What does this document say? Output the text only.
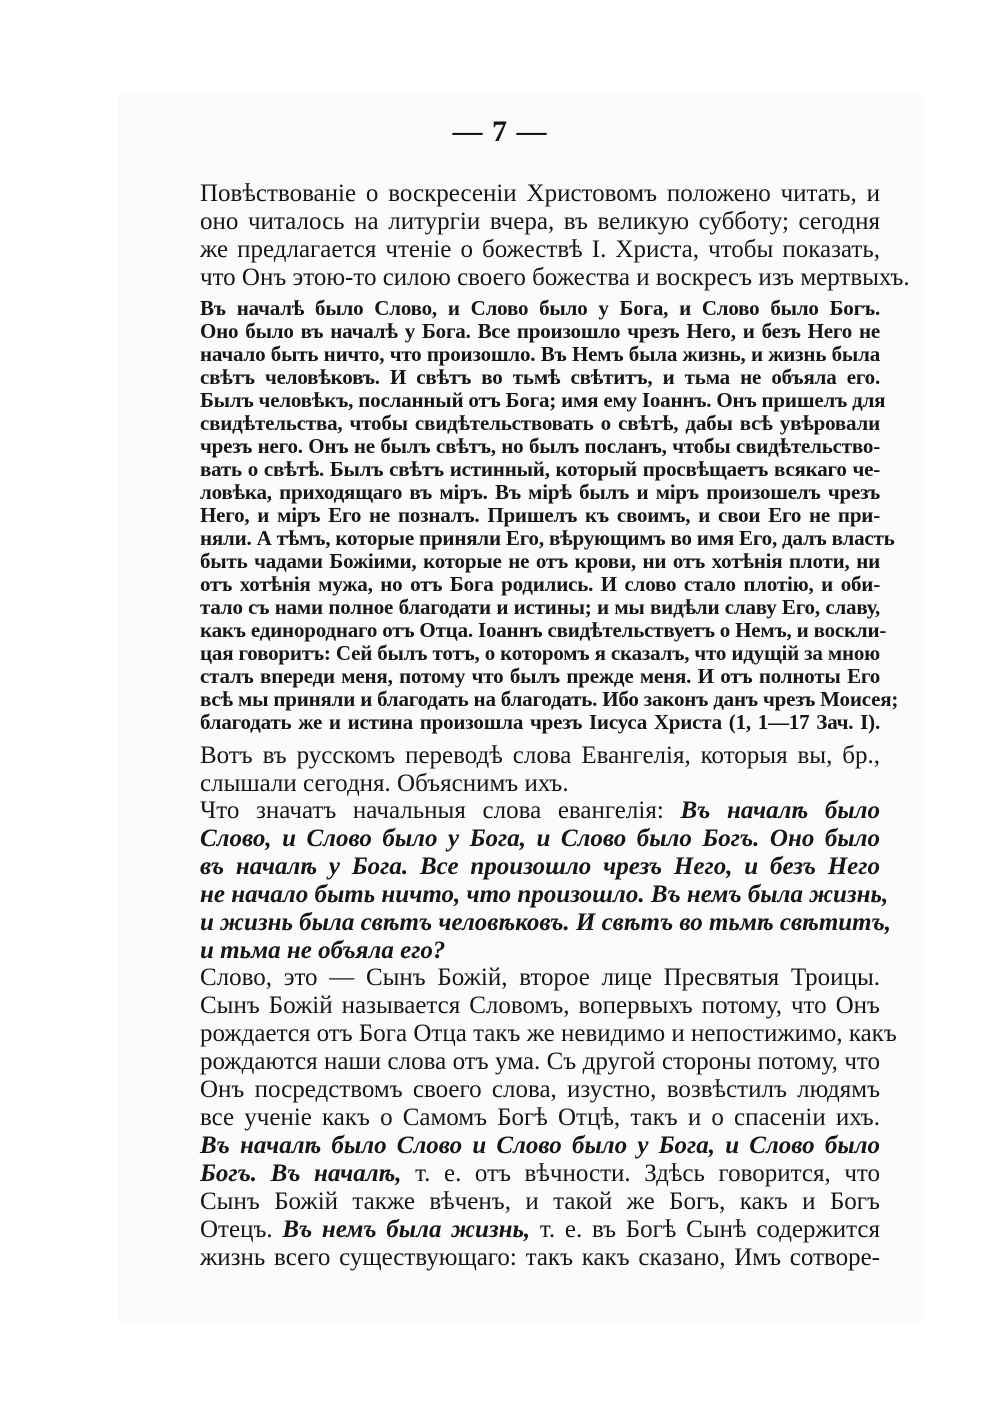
— 7 —
Повѣствованіе о воскресеніи Христовомъ положено читать, и
оно читалось на литургіи вчера, въ великую субботу; сегодня
же предлагается чтеніе о божествѣ І. Христа, чтобы показать,
что Онъ этою-то силою своего божества и воскресъ изъ мертвыхъ.
Въ началѣ было Слово, и Слово было у Бога, и Слово было Богъ.
Оно было въ началѣ у Бога. Все произошло чрезъ Него, и безъ Него не
начало быть ничто, что произошло. Въ Немъ была жизнь, и жизнь была
свѣтъ человѣковъ. И свѣтъ во тьмѣ свѣтитъ, и тьма не объяла его.
Былъ человѣкъ, посланный отъ Бога; имя ему Іоаннъ. Онъ пришелъ для
свидѣтельства, чтобы свидѣтельствовать о свѣтѣ, дабы всѣ увѣровали
чрезъ него. Онъ не былъ свѣтъ, но былъ посланъ, чтобы свидѣтельство-
вать о свѣтѣ. Былъ свѣтъ истинный, который просвѣщаетъ всякаго че-
ловѣка, приходящаго въ міръ. Въ мірѣ былъ и міръ произошелъ чрезъ
Него, и міръ Его не позналъ. Пришелъ къ своимъ, и свои Его не при-
няли. А тѣмъ, которые приняли Его, вѣрующимъ во имя Его, далъ власть
быть чадами Божіими, которые не отъ крови, ни отъ хотѣнія плоти, ни
отъ хотѣнія мужа, но отъ Бога родились. И слово стало плотію, и оби-
тало съ нами полное благодати и истины; и мы видѣли славу Его, славу,
какъ единороднаго отъ Отца. Іоаннъ свидѣтельствуетъ о Немъ, и воскли-
цая говоритъ: Сей былъ тотъ, о которомъ я сказалъ, что идущій за мною
сталъ впереди меня, потому что былъ прежде меня. И отъ полноты Его
всѣ мы приняли и благодать на благодать. Ибо законъ данъ чрезъ Моисея;
благодать же и истина произошла чрезъ Іисуса Христа (1, 1—17 Зач. І).
Вотъ въ русскомъ переводѣ слова Евангелія, которыя вы, бр.,
слышали сегодня. Объяснимъ ихъ.
Что значатъ начальныя слова евангелія: Въ началѣ было
Слово, и Слово было у Бога, и Слово было Богъ. Оно было
въ началѣ у Бога. Все произошло чрезъ Него, и безъ Него
не начало быть ничто, что произошло. Въ немъ была жизнь,
и жизнь была свѣтъ человѣковъ. И свѣтъ во тьмѣ свѣтитъ,
и тьма не объяла его?
Слово, это — Сынъ Божій, второе лице Пресвятыя Троицы.
Сынъ Божій называется Словомъ, вопервыхъ потому, что Онъ
рождается отъ Бога Отца такъ же невидимо и непостижимо, какъ
рождаются наши слова отъ ума. Съ другой стороны потому, что
Онъ посредствомъ своего слова, изустно, возвѣстилъ людямъ
все ученіе какъ о Самомъ Богѣ Отцѣ, такъ и о спасеніи ихъ.
Въ началѣ было Слово и Слово было у Бога, и Слово было
Богъ. Въ началѣ, т. е. отъ вѣчности. Здѣсь говорится, что
Сынъ Божій также вѣченъ, и такой же Богъ, какъ и Богъ
Отецъ. Въ немъ была жизнь, т. е. въ Богѣ Сынѣ содержится
жизнь всего существующаго: такъ какъ сказано, Имъ сотворе-
